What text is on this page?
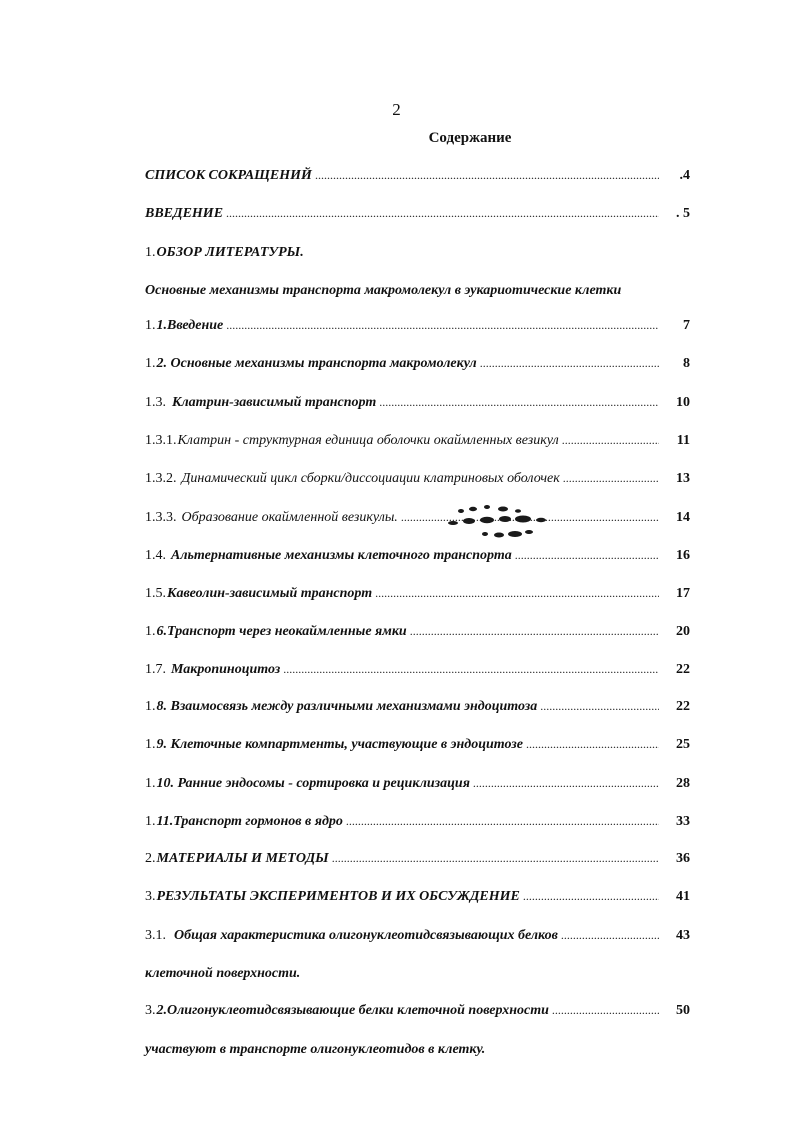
2
Содержание
СПИСОК СОКРАЩЕНИЙ .....	.4
ВВЕДЕНИЕ .....	. 5
1. ОБЗОР ЛИТЕРАТУРЫ.
Основные механизмы транспорта макромолекул в эукариотические клетки
1. 1.Введение .....	7
1. 2. Основные механизмы транспорта макромолекул .....	8
1.3. Клатрин-зависимый транспорт .....	10
1.3.1. Клатрин - структурная единица оболочки окаймленных везикул .....	11
1.3.2. Динамический цикл сборки/диссоциации клатриновых оболочек .....	13
1.3.3. Образование окаймленной везикулы. .....	14
1.4. Альтернативные механизмы клеточного транспорта .....	16
1.5. Кавеолин-зависимый транспорт .....	17
1. 6.Транспорт через неокаймленные ямки .....	20
1.7. Макропиноцитоз .....	22
1. 8. Взаимосвязь между различными механизмами эндоцитоза .....	22
1. 9. Клеточные компартменты, участвующие в эндоцитозе .....	25
1. 10. Ранние эндосомы - сортировка и рециклизация .....	28
1. 11.Транспорт гормонов в ядро .....	33
2. МАТЕРИАЛЫ И МЕТОДЫ .....	36
3. РЕЗУЛЬТАТЫ ЭКСПЕРИМЕНТОВ И ИХ ОБСУЖДЕНИЕ .....	41
3.1. Общая характеристика олигонуклеотидсвязывающих белков .....	43
клеточной поверхности.
3. 2.Олигонуклеотидсвязывающие белки клеточной поверхности .....	50
участвуют в транспорте олигонуклеотидов в клетку.
